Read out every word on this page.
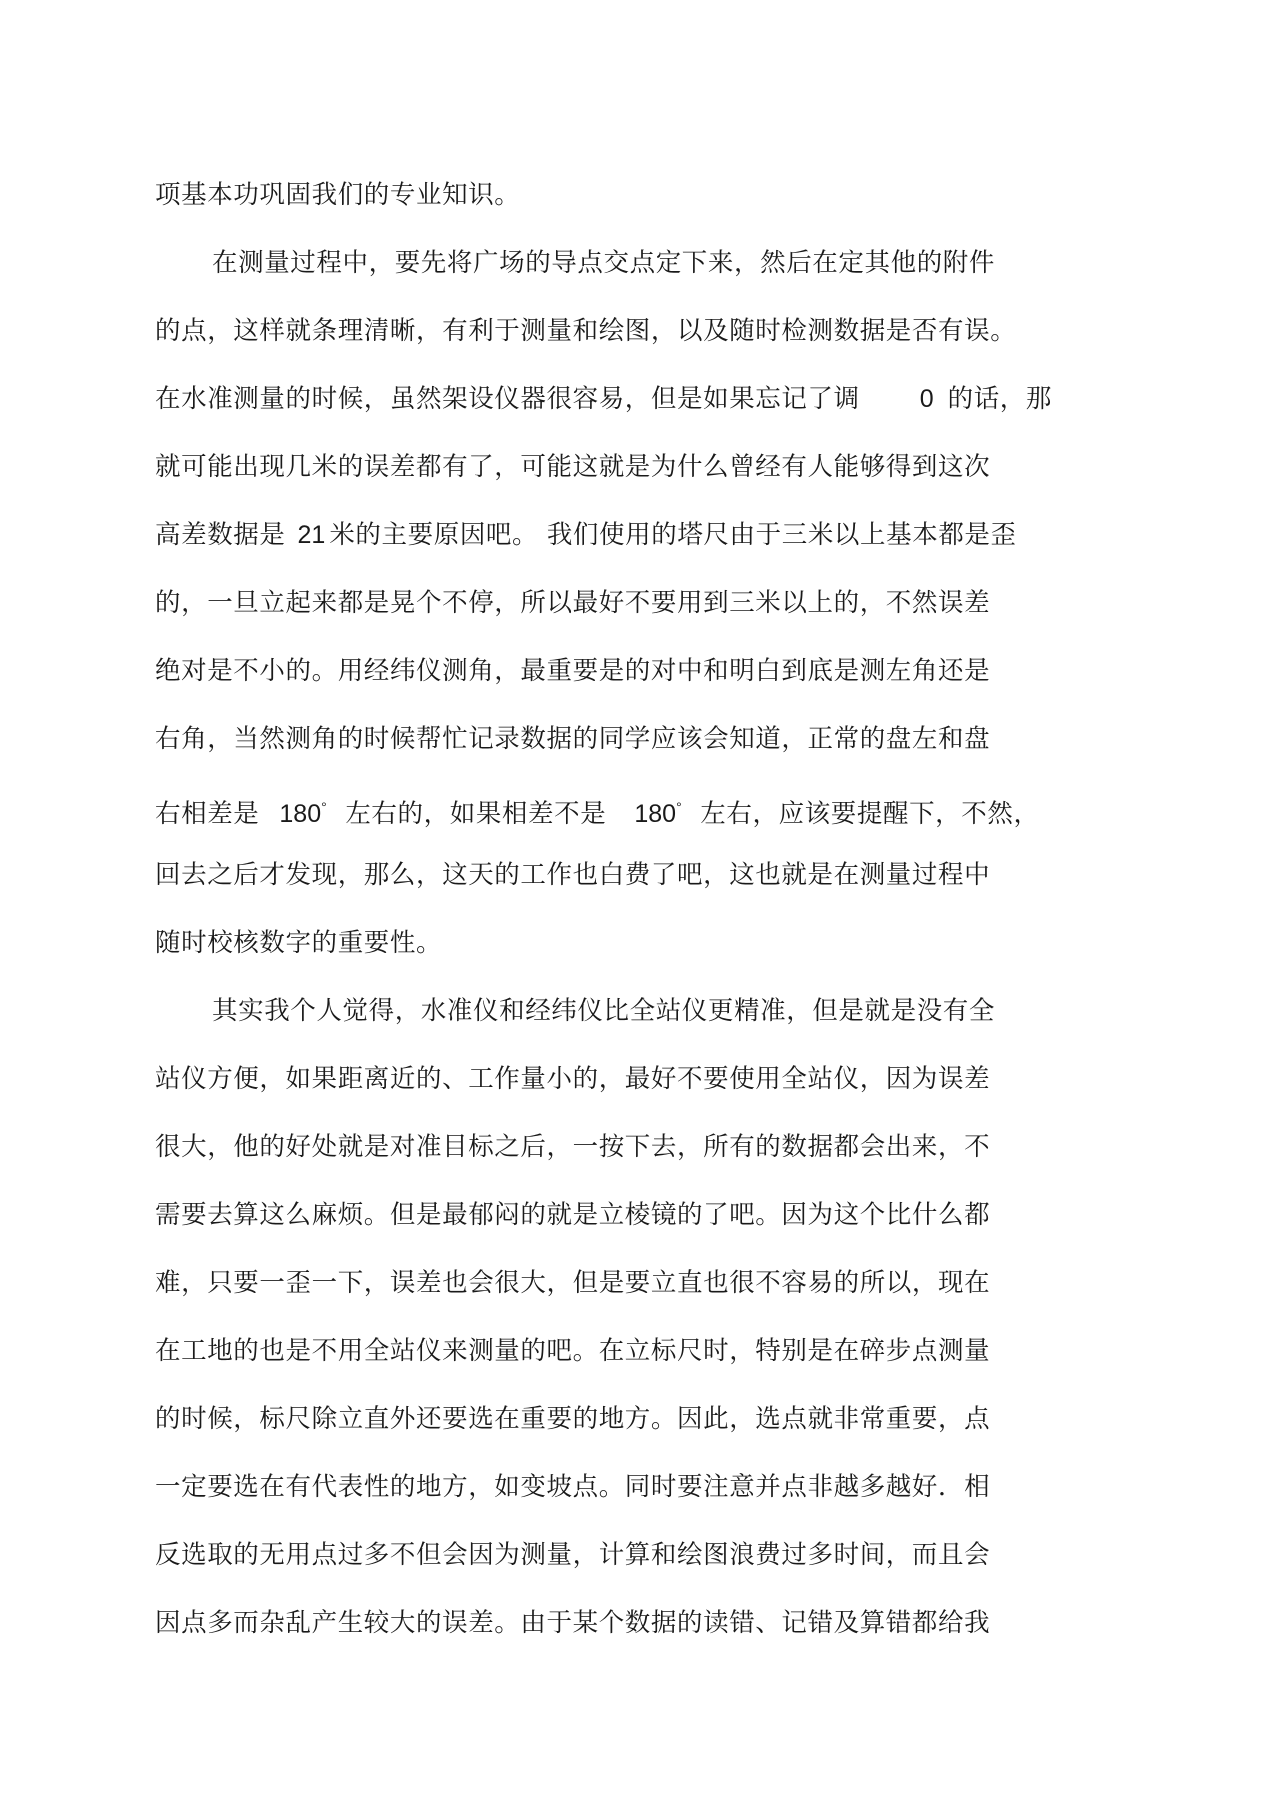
项基本功巩固我们的专业知识。
在测量过程中，要先将广场的导点交点定下来，然后在定其他的附件
的点，这样就条理清晰，有利于测量和绘图，以及随时检测数据是否有误。
在水准测量的时候，虽然架设仪器很容易，但是如果忘记了调 0 的话，那
就可能出现几米的误差都有了，可能这就是为什么曾经有人能够得到这次
高差数据是 21 米的主要原因吧。 我们使用的塔尺由于三米以上基本都是歪
的，一旦立起来都是晃个不停，所以最好不要用到三米以上的，不然误差
绝对是不小的。用经纬仪测角，最重要是的对中和明白到底是测左角还是
右角，当然测角的时候帮忙记录数据的同学应该会知道，正常的盘左和盘
右相差是 180° 左右的，如果相差不是 180° 左右，应该要提醒下，不然，
回去之后才发现，那么，这天的工作也白费了吧，这也就是在测量过程中
随时校核数字的重要性。
其实我个人觉得，水准仪和经纬仪比全站仪更精准，但是就是没有全
站仪方便，如果距离近的、工作量小的，最好不要使用全站仪，因为误差
很大，他的好处就是对准目标之后，一按下去，所有的数据都会出来，不
需要去算这么麻烦。但是最郁闷的就是立棱镜的了吧。因为这个比什么都
难，只要一歪一下，误差也会很大，但是要立直也很不容易的所以，现在
在工地的也是不用全站仪来测量的吧。在立标尺时，特别是在碎步点测量
的时候，标尺除立直外还要选在重要的地方。因此，选点就非常重要，点
一定要选在有代表性的地方，如变坡点。同时要注意并点非越多越好．相
反选取的无用点过多不但会因为测量，计算和绘图浪费过多时间，而且会
因点多而杂乱产生较大的误差。由于某个数据的读错、记错及算错都给我
